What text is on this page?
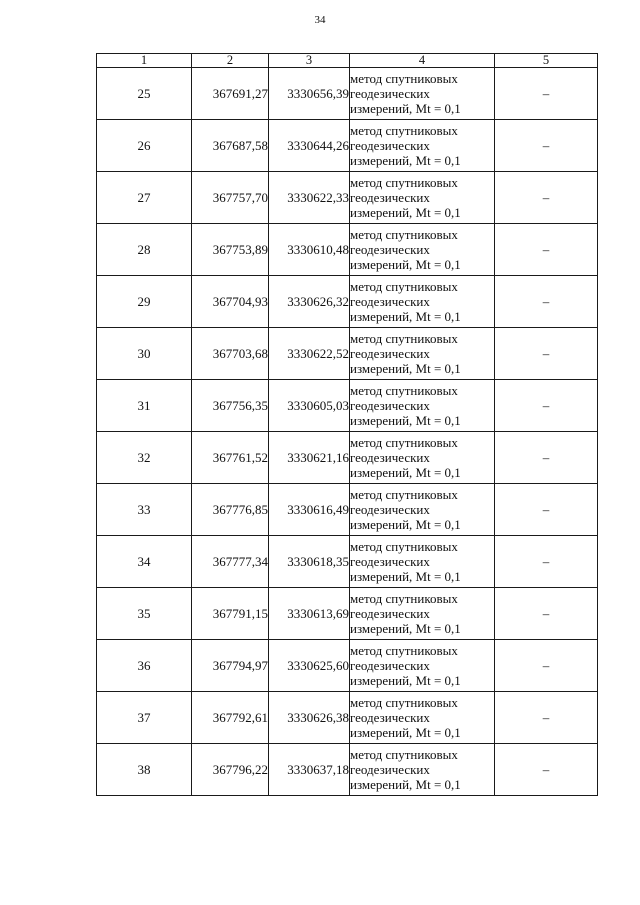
34
1	2	3	4	5
25	367691,27	3330656,39	метод спутниковых
геодезических
измерений, Mt = 0,1	–
26	367687,58	3330644,26	метод спутниковых
геодезических
измерений, Mt = 0,1	–
27	367757,70	3330622,33	метод спутниковых
геодезических
измерений, Mt = 0,1	–
28	367753,89	3330610,48	метод спутниковых
геодезических
измерений, Mt = 0,1	–
29	367704,93	3330626,32	метод спутниковых
геодезических
измерений, Mt = 0,1	–
30	367703,68	3330622,52	метод спутниковых
геодезических
измерений, Mt = 0,1	–
31	367756,35	3330605,03	метод спутниковых
геодезических
измерений, Mt = 0,1	–
32	367761,52	3330621,16	метод спутниковых
геодезических
измерений, Mt = 0,1	–
33	367776,85	3330616,49	метод спутниковых
геодезических
измерений, Mt = 0,1	–
34	367777,34	3330618,35	метод спутниковых
геодезических
измерений, Mt = 0,1	–
35	367791,15	3330613,69	метод спутниковых
геодезических
измерений, Mt = 0,1	–
36	367794,97	3330625,60	метод спутниковых
геодезических
измерений, Mt = 0,1	–
37	367792,61	3330626,38	метод спутниковых
геодезических
измерений, Mt = 0,1	–
38	367796,22	3330637,18	метод спутниковых
геодезических
измерений, Mt = 0,1	–
